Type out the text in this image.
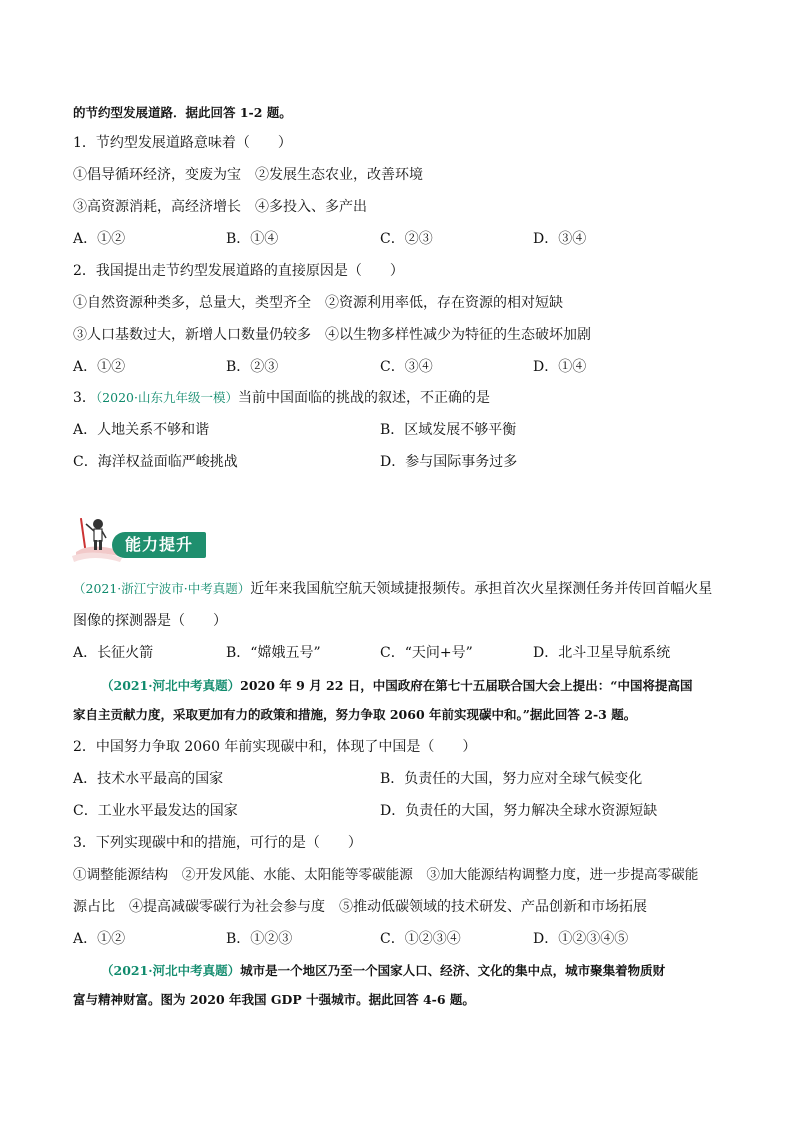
的节约型发展道路．据此回答 1-2 题。
1．节约型发展道路意味着（　　）
①倡导循环经济，变废为宝　②发展生态农业，改善环境
③高资源消耗，高经济增长　④多投入、多产出
A．①②	B．①④	C．②③	D．③④
2．我国提出走节约型发展道路的直接原因是（　　）
①自然资源种类多，总量大，类型齐全　②资源利用率低，存在资源的相对短缺
③人口基数过大，新增人口数量仍较多　④以生物多样性减少为特征的生态破坏加剧
A．①②	B．②③	C．③④	D．①④
3．（2020·山东九年级一模）当前中国面临的挑战的叙述，不正确的是
A．人地关系不够和谐	B．区域发展不够平衡
C．海洋权益面临严峻挑战	D．参与国际事务过多
能力提升
（2021·浙江宁波市·中考真题）近年来我国航空航天领域捷报频传。承担首次火星探测任务并传回首幅火星
图像的探测器是（　　）
A．长征火箭	B．“嫦娥五号”	C．“天问+号”	D．北斗卫星导航系统
（2021·河北中考真题）2020 年 9 月 22 日，中国政府在第七十五届联合国大会上提出：“中国将提高国
家自主贡献力度，采取更加有力的政策和措施，努力争取 2060 年前实现碳中和。”据此回答 2-3 题。
2．中国努力争取 2060 年前实现碳中和，体现了中国是（　　）
A．技术水平最高的国家	B．负责任的大国，努力应对全球气候变化
C．工业水平最发达的国家	D．负责任的大国，努力解决全球水资源短缺
3．下列实现碳中和的措施，可行的是（　　）
①调整能源结构　②开发风能、水能、太阳能等零碳能源　③加大能源结构调整力度，进一步提高零碳能
源占比　④提高减碳零碳行为社会参与度　⑤推动低碳领域的技术研发、产品创新和市场拓展
A．①②	B．①②③	C．①②③④	D．①②③④⑤
（2021·河北中考真题）城市是一个地区乃至一个国家人口、经济、文化的集中点，城市聚集着物质财
富与精神财富。图为 2020 年我国 GDP 十强城市。据此回答 4-6 题。
